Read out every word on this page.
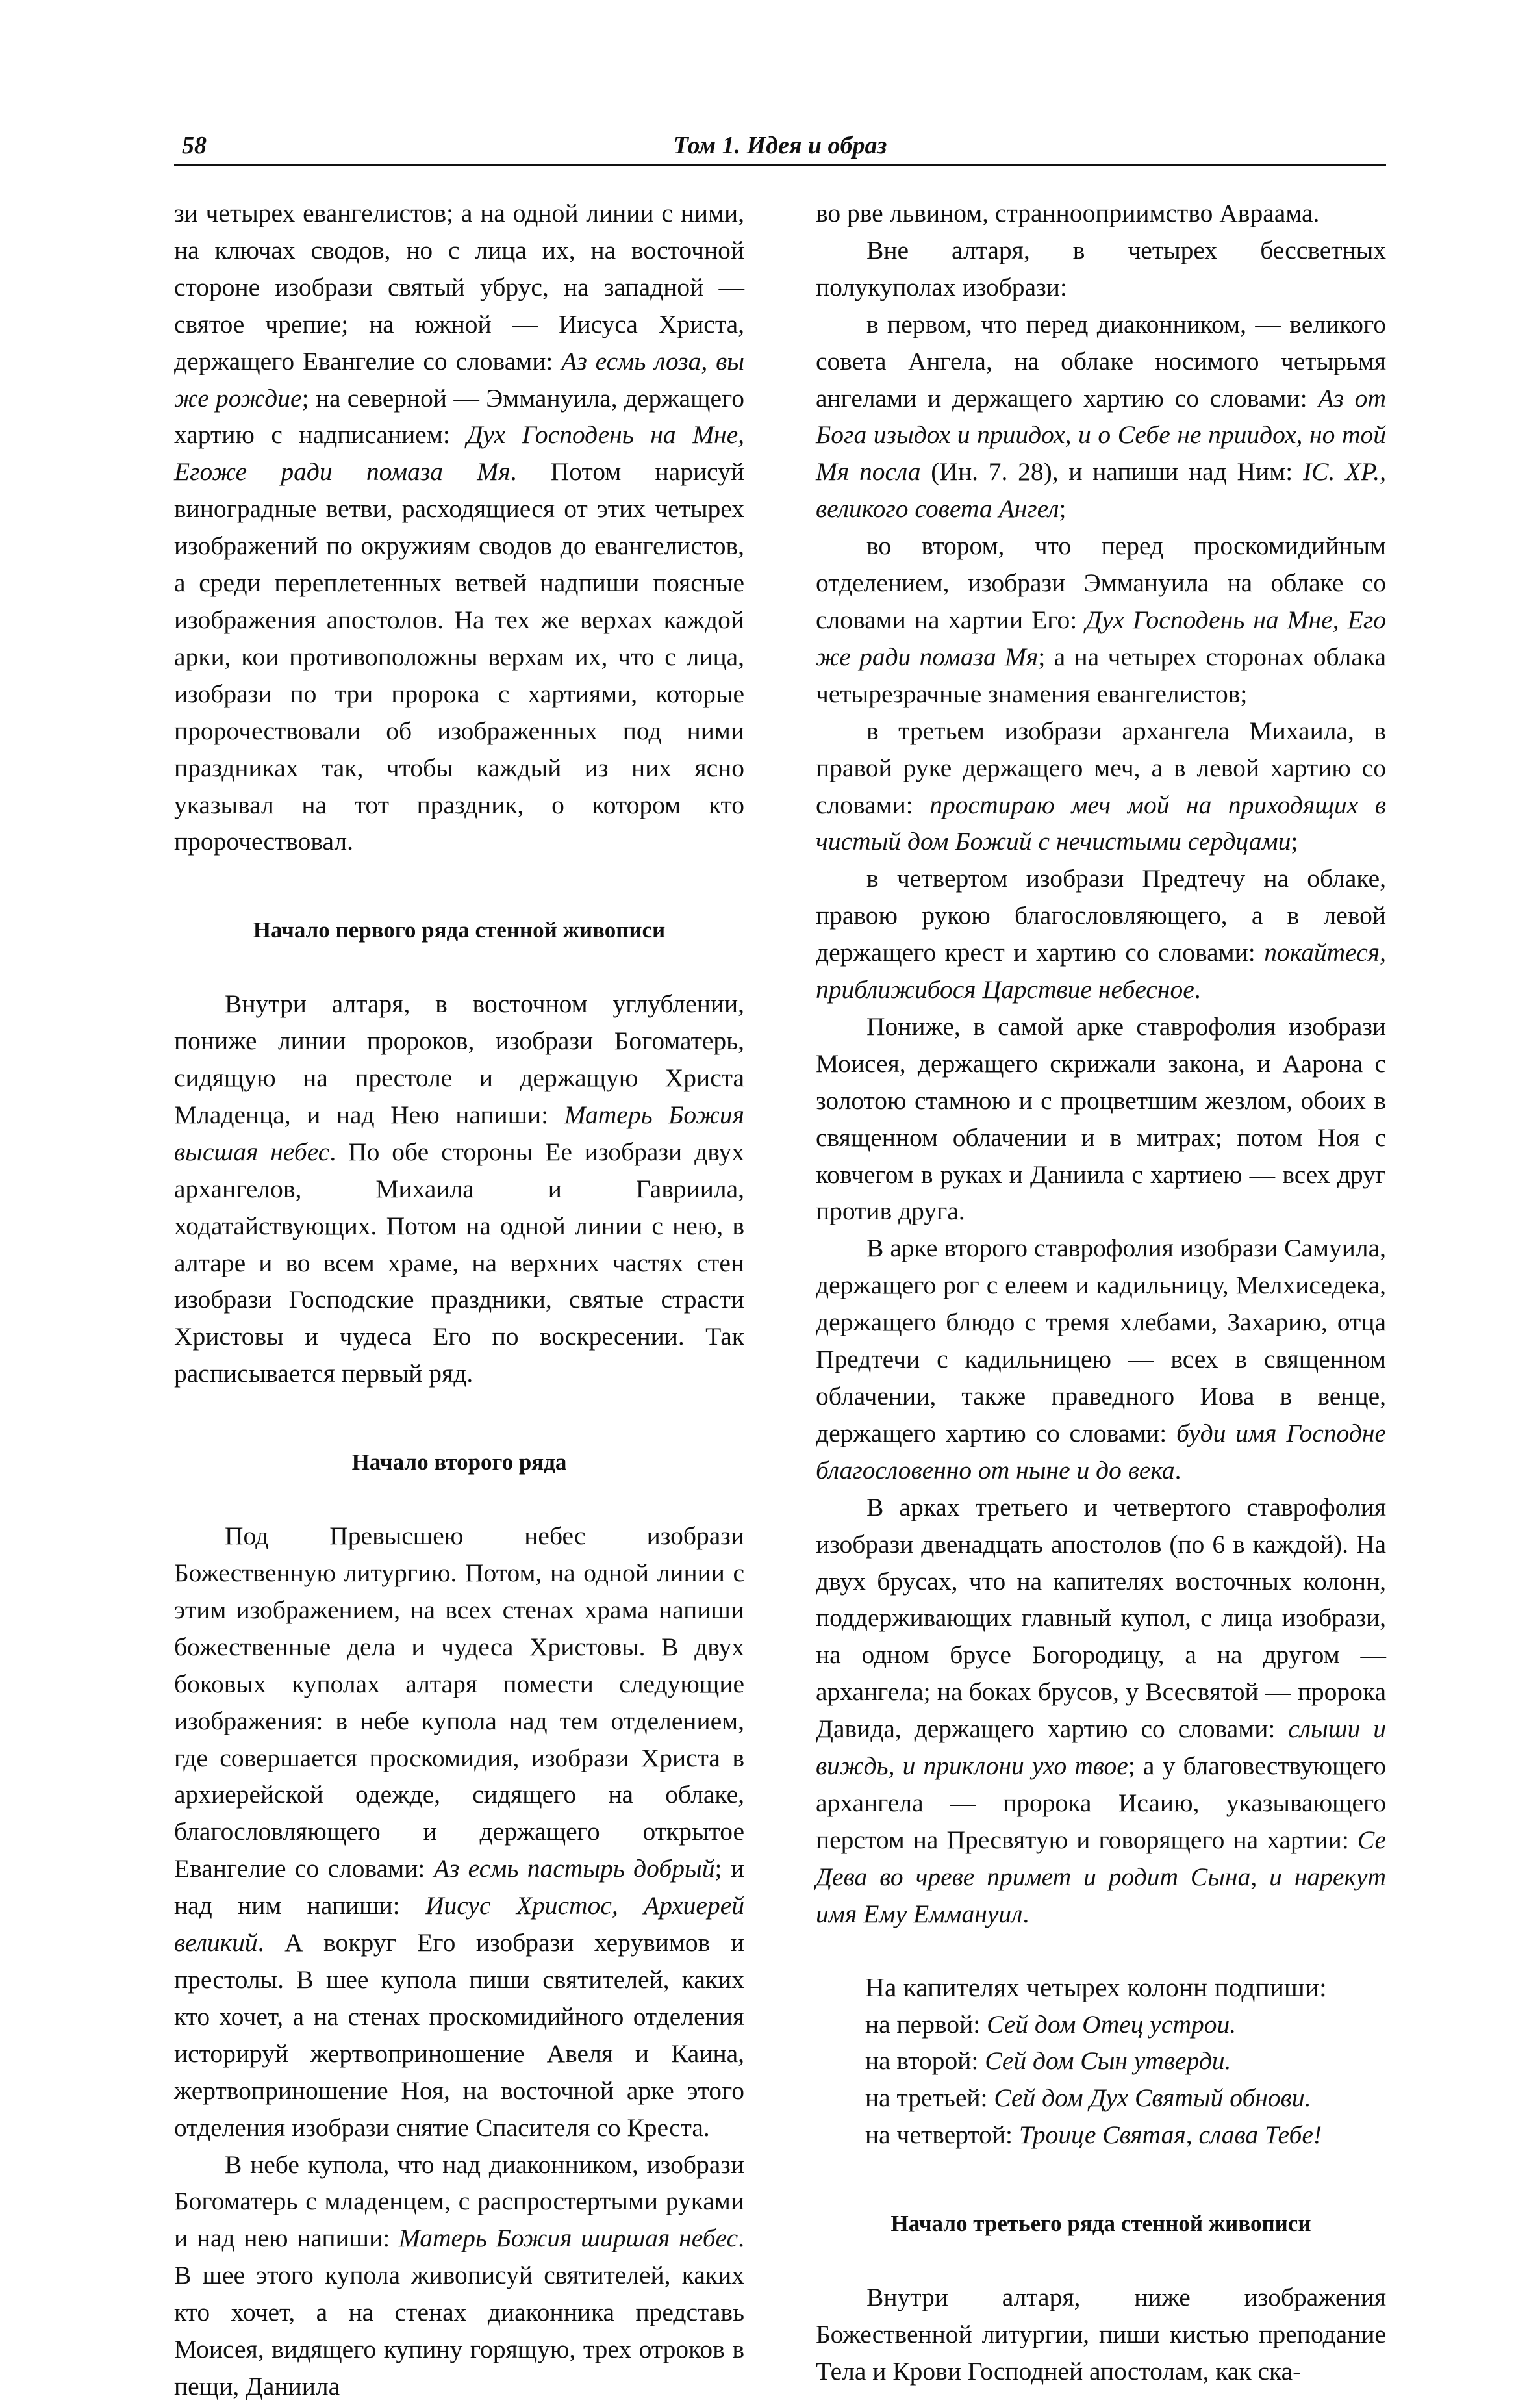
58	Том 1. Идея и образ

зи четырех евангелистов; а на одной линии с ними, на ключах сводов, но с лица их, на восточной стороне изобрази святый убрус, на западной — святое чрепие; на южной — Иисуса Христа, держащего Евангелие со словами: Аз есмь лоза, вы же рождие; на северной — Эммануила, держащего хартию с надписанием: Дух Господень на Мне, Егоже ради помаза Мя. Потом нарисуй виноградные ветви, расходящиеся от этих четырех изображений по окружиям сводов до евангелистов, а среди переплетенных ветвей надпиши поясные изображения апостолов. На тех же верхах каждой арки, кои противоположны верхам их, что с лица, изобрази по три пророка с хартиями, которые пророчествовали об изображенных под ними праздниках так, чтобы каждый из них ясно указывал на тот праздник, о котором кто пророчествовал.

Начало первого ряда стенной живописи

Внутри алтаря, в восточном углублении, пониже линии пророков, изобрази Богоматерь, сидящую на престоле и держащую Христа Младенца, и над Нею напиши: Матерь Божия высшая небес. По обе стороны Ее изобрази двух архангелов, Михаила и Гавриила, ходатайствующих. Потом на одной линии с нею, в алтаре и во всем храме, на верхних частях стен изобрази Господские праздники, святые страсти Христовы и чудеса Его по воскресении. Так расписывается первый ряд.

Начало второго ряда

Под Превысшею небес изобрази Божественную литургию. Потом, на одной линии с этим изображением, на всех стенах храма напиши божественные дела и чудеса Христовы. В двух боковых куполах алтаря помести следующие изображения: в небе купола над тем отделением, где совершается проскомидия, изобрази Христа в архиерейской одежде, сидящего на облаке, благословляющего и держащего открытое Евангелие со словами: Аз есмь пастырь добрый; и над ним напиши: Иисус Христос, Архиерей великий. А вокруг Его изобрази херувимов и престолы. В шее купола пиши святителей, каких кто хочет, а на стенах проскомидийного отделения историруй жертвоприношение Авеля и Каина, жертвоприношение Ноя, на восточной арке этого отделения изобрази снятие Спасителя со Креста.

В небе купола, что над диаконником, изобрази Богоматерь с младенцем, с распростертыми руками и над нею напиши: Матерь Божия ширшая небес. В шее этого купола живописуй святителей, каких кто хочет, а на стенах диаконника представь Моисея, видящего купину горящую, трех отроков в пещи, Даниила

во рве львином, страннооприимство Авраама.

Вне алтаря, в четырех бессветных полукуполах изобрази:

в первом, что перед диаконником, — великого совета Ангела, на облаке носимого четырьмя ангелами и держащего хартию со словами: Аз от Бога изыдох и приидох, и о Себе не приидох, но той Мя посла (Ин. 7. 28), и напиши над Ним: IC. XP., великого совета Ангел;

во втором, что перед проскомидийным отделением, изобрази Эммануила на облаке со словами на хартии Его: Дух Господень на Мне, Его же ради помаза Мя; а на четырех сторонах облака четырезрачные знамения евангелистов;

в третьем изобрази архангела Михаила, в правой руке держащего меч, а в левой хартию со словами: простираю меч мой на приходящих в чистый дом Божий с нечистыми сердцами;

в четвертом изобрази Предтечу на облаке, правою рукою благословляющего, а в левой держащего крест и хартию со словами: покайтеся, приближибося Царствие небесное.

Пониже, в самой арке ставрофолия изобрази Моисея, держащего скрижали закона, и Аарона с золотою стамною и с процветшим жезлом, обоих в священном облачении и в митрах; потом Ноя с ковчегом в руках и Даниила с хартиею — всех друг против друга.

В арке второго ставрофолия изобрази Самуила, держащего рог с елеем и кадильницу, Мелхиседека, держащего блюдо с тремя хлебами, Захарию, отца Предтечи с кадильницею — всех в священном облачении, также праведного Иова в венце, держащего хартию со словами: буди имя Господне благословенно от ныне и до века.

В арках третьего и четвертого ставрофолия изобрази двенадцать апостолов (по 6 в каждой). На двух брусах, что на капителях восточных колонн, поддерживающих главный купол, с лица изобрази, на одном брусе Богородицу, а на другом — архангела; на боках брусов, у Всесвятой — пророка Давида, держащего хартию со словами: слыши и виждь, и приклони ухо твое; а у благовествующего архангела — пророка Исаию, указывающего перстом на Пресвятую и говорящего на хартии: Се Дева во чреве примет и родит Сына, и нарекут имя Ему Еммануил.

На капителях четырех колонн подпиши:
на первой: Сей дом Отец устрои.
на второй: Сей дом Сын утверди.
на третьей: Сей дом Дух Святый обнови.
на четвертой: Троице Святая, слава Тебе!
Начало третьего ряда стенной живописи

Внутри алтаря, ниже изображения Божественной литургии, пиши кистью преподание Тела и Крови Господней апостолам, как ска-
